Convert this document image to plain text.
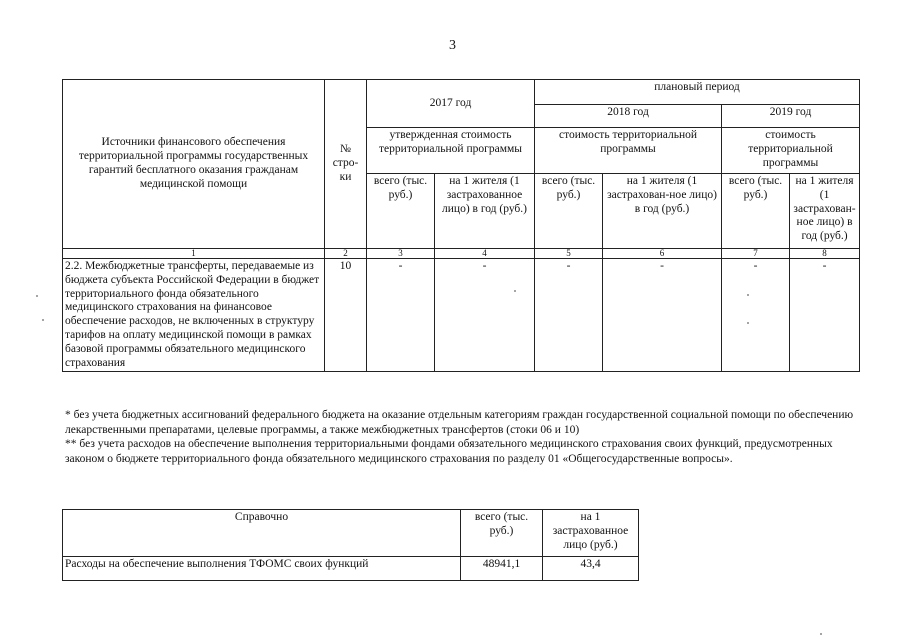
3
Источники финансового обеспечения территориальной программы государственных гарантий бесплатного оказания гражданам медицинской помощи	№ стро-ки	2017 год		плановый период			
				2018 год		2019 год	
		утвержденная стоимость территориальной программы		стоимость территориальной программы		стоимость территориальной программы	
		всего (тыс. руб.)	на 1 жителя (1 застрахованное лицо) в год (руб.)	всего (тыс. руб.)	на 1 жителя (1 застрахован-ное лицо) в год (руб.)	всего (тыс. руб.)	на 1 жителя (1 застрахован-ное лицо) в год (руб.)
1	2	3	4	5	6	7	8
2.2. Межбюджетные трансферты, передаваемые из бюджета субъекта Российской Федерации в бюджет территориального фонда обязательного медицинского страхования на финансовое обеспечение расходов, не включенных в структуру тарифов на оплату медицинской помощи в рамках базовой программы обязательного медицинского страхования	10	-	-	-	-	-	-

* без учета бюджетных ассигнований федерального бюджета на оказание отдельным категориям граждан государственной социальной помощи по обеспечению лекарственными препаратами, целевые программы, а также межбюджетных трансфертов (стоки 06 и 10)

** без учета расходов на обеспечение выполнения территориальными фондами обязательного медицинского страхования своих функций, предусмотренных законом о бюджете территориального фонда обязательного медицинского страхования по разделу 01 «Общегосударственные вопросы».

Справочно	всего (тыс. руб.)	на 1 застрахованное лицо (руб.)
Расходы на обеспечение выполнения ТФОМС своих функций	48941,1	43,4
